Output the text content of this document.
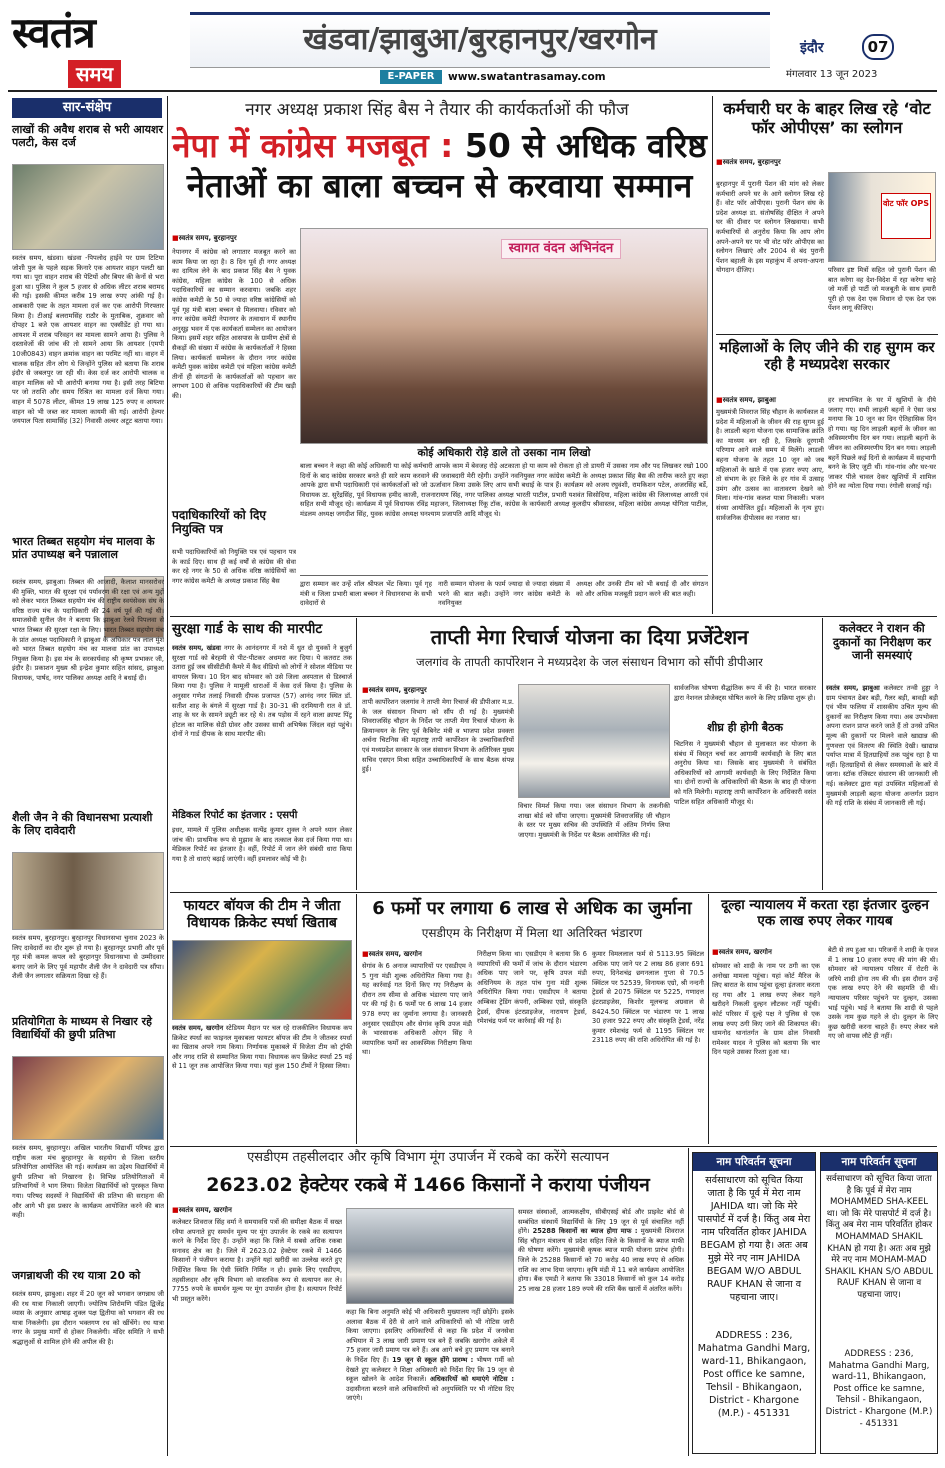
स्वतंत्र
समय
खंडवा/झाबुआ/बुरहानपुर/खरगोन
E-PAPER	www.swatantrasamay.com
इंदौर	07
मंगलवार 13 जून 2023
सार-संक्षेप
लाखों की अवैध शराब से भरी आयशर पलटी, केस दर्ज
स्वतंत्र समय, खंडवा। खंडवा -पिपलोद हाईवे पर ग्राम टिटिया जोशी पुल के पहले सड़क किनारे एक आयशर वाहन पलटी खा गया था। पूरा वाहन शराब की पेटियों और बियर की केनों से भरा हुआ था। पुलिस ने कुल 5 हजार से अधिक लीटर शराब बरामद की गई। इसकी कीमत करीब 19 लाख रुपए आंकी गई है। आबकारी एक्ट के तहत मामला दर्ज कर एक आरोपी गिरफ्तार किया है। टीआई बलरामसिंह राठौर के मुताबिक, शुक्रवार को दोपहर 1 बजे एक आयशर वाहन का एक्सीडेंट हो गया था। आयशर में शराब परिवहन का मामला सामने आया है। पुलिस ने दस्तावेजों की जांच की तो सामने आया कि आयशर (एमपी 10जी0843) वाहन क्रमांक वाहन का परमिट नहीं था। वाहन में चालक सहित तीन लोग थे जिन्होंने पुलिस को बताया कि शराब इंदौर से जबलपुर जा रही थी। केस दर्ज कर आरोपी चालक व वाहन मालिक को भी आरोपी बनाया गया है। इसी तरह बिटिया पर जो तराशि और समय रिश्रित का मामला दर्ज किया गया। वाहन में 5078 लीटर, कीमत 19 लाख 125 रुपए व आयशर वाहन को भी जब्त कर मामला कायमी की गई। आरोपी हेल्पर जयपाल पिता सामासिंह (32) निवासी अल्वर अटूट बताया गया।
भारत तिब्बत सहयोग मंच मालवा के प्रांत उपाध्यक्ष बने पन्नालाल
स्वतंत्र समय, झाबुआ। तिब्बत की आजादी, कैलाश मानसरोवर की मुक्ति, भारत की सुरक्षा एवं पर्यावरण की रक्षा एवं अन्य मुद्दों को लेकर भारत तिब्बत सहयोग मंच की राष्ट्रीय स्वयंसेवक संघ के वरिष्ठ राज्य मंच के पदाधिकारी की 24 वर्ष पूर्व की गई थी। समाजसेवी सुनील जैन ने बताया कि झाबुआ रेलवे पिपलवा से भारत तिब्बत की सुरक्षा रक्षा के लिए। भारत तिब्बत सहयोग मंच के प्रांत अध्यक्ष पदाधिकारी ने झाबुआ के अधिकार पत्र लाल मुंश को भारत तिब्बत सहयोग मंच का मालवा प्रांत का उपाध्यक्ष नियुक्त किया है। इस मंच के सरकार्यवाह श्री कृष्ण प्रभाकर जी, इंदौर है। प्रकाशन मुख्य श्री इन्द्रेश कुमार सहित सांसद, झाबुआ विधायक, पार्षद, नगर पालिका अध्यक्ष आदि ने बधाई दी।
शैली जैन ने की विधानसभा प्रत्याशी के लिए दावेदारी
स्वतंत्र समय, बुरहानपुर। बुरहानपुर विधानसभा चुनाव 2023 के लिए दावेदारों का दौर शुरू हो गया है। बुरहानपुर प्रभारी और पूर्व गृह मंत्री कमल कपल को बुरहानपुर विधानसभा से उम्मीदवार बनाए जाने के लिए पूर्व महापौर शैली जैन ने दावेदारी पत्र सौंपा। शैली जैन लगातार सक्रियता दिखा रहे हैं।
प्रतियोगिता के माध्यम से निखार रहे विद्यार्थियों की छुपी प्रतिभा
स्वतंत्र समय, बुरहानपुर। अखिल भारतीय विद्यार्थी परिषद द्वारा राष्ट्रीय कला मंच बुरहानपुर के सहयोग से जिला स्तरीय प्रतियोगिता आयोजित की गई। कार्यक्रम का उद्देश्य विद्यार्थियों में छुपी प्रतिभा को निखारना है। विभिन्न प्रतियोगिताओं में प्रतिभागियों ने भाग लिया। विजेता विद्यार्थियों को पुरस्कृत किया गया। परिषद सदस्यों ने विद्यार्थियों की प्रतिभा की सराहना की और आगे भी इस प्रकार के कार्यक्रम आयोजित करने की बात कही।
जगन्नाथजी की रथ यात्रा 20 को
स्वतंत्र समय, झाबुआ। शहर में 20 जून को भगवान जगन्नाथ जी की रथ यात्रा निकाली जाएगी। ज्योतिष शिरोमणि पंडित द्विजेंद्र व्यास के अनुसार आषाढ़ शुक्ल पक्ष द्वितीया को भगवान की रथ यात्रा निकलेगी। इस दौरान भक्तगण रथ को खींचेंगे। रथ यात्रा नगर के प्रमुख मार्गों से होकर निकलेगी। मंदिर समिति ने सभी श्रद्धालुओं से शामिल होने की अपील की है।
नगर अध्यक्ष प्रकाश सिंह बैस ने तैयार की कार्यकर्ताओं की फौज
नेपा में कांग्रेस मजबूत : 50 से अधिक वरिष्ठ नेताओं का बाला बच्चन से करवाया सम्मान
■ स्वतंत्र समय, बुरहानपुर
नेपानगर में कांग्रेस को लगातार मजबूत करने का काम किया जा रहा है। 8 दिन पूर्व ही नगर अध्यक्ष का दायित्व लेने के बाद प्रकाश सिंह बैस ने युवक कांग्रेस, महिला कांग्रेस के 100 से अधिक पदाधिकारियों का सम्मान करवाया। जबकि शहर कांग्रेस कमेटी के 50 से ज्यादा वरिष्ठ कांग्रेसियों को पूर्व गृह मंत्री बाला बच्चन से मिलवाया। रविवार को नगर कांग्रेस कमेटी नेपानगर के तत्वाधान में स्थानीय अनुसूइ भवन में एक कार्यकर्ता सम्मेलन का आयोजन किया। इसमें शहर सहित आसपास के ग्रामीण क्षेत्रों से सैकड़ों की संख्या में कांग्रेस के कार्यकर्ताओं ने हिस्सा लिया। कार्यकर्ता सम्मेलन के दौरान नगर कांग्रेस कमेटी युवक कांग्रेस कमेटी एवं महिला कांग्रेस कमेटी तीनों ही संगठनों के कार्यकर्ताओं को पहचान कर लगभग 100 से अधिक पदाधिकारियों की टीम खड़ी की।
पदाधिकारियों को दिए नियुक्ति पत्र
सभी पदाधिकारियों को नियुक्ति पत्र एवं पहचान पत्र के कार्ड दिए। साथ ही कई वर्षों से कांग्रेस की सेवा कर रहे नगर के 50 से अधिक वरिष्ठ कांग्रेसियों का नगर कांग्रेस कमेटी के अध्यक्ष प्रकाश सिंह बैस
स्वागत वंदन अभिनंदन
कोई अधिकारी रोड़े डाले तो उसका नाम लिखो
बाला बच्चन ने कहा की कोई अधिकारी या कोई कर्मचारी आपके काम में बेवजह रोड़े अटकाता हो या काम को रोकता हो तो डायरी में उसका नाम और पद लिखकर रखो 100 दिनों के बाद कांग्रेस सरकार बनते ही सारे काम करवाने की जवाबदारी मेरी रहेगी। उन्होंने नवनियुक्त नगर कांग्रेस कमेटी के अध्यक्ष प्रकाश सिंह बैस की तारीफ करते हुए कहा आपके द्वारा सभी पदाधिकारी एवं कार्यकर्ताओं को जो ऊर्जावान किया उसके लिए आप सभी बधाई के पात्र हैं। कार्यक्रम को अजय रघुवंशी, रामकिशन पटेल, अजरसिंह बर्डे, विधायक ठा. सुरेंद्रसिंह, पूर्व विधायक हमीद काजी, राजनारायण सिंह, नगर पालिका अध्यक्ष भारती पाटील, प्रभारी यशवंत सिसोदिया, महिला कांग्रेस की जिलाध्यक्ष आरती एवं सहित सभी मौजूद रहे। कार्यक्रम में पूर्व विधायक रविंद्र महाजन, जिलाध्यक्ष रिंकू टॉक, कांग्रेस के कार्यकारी अध्यक्ष कुलदीप श्रीवास्तव, महिला कांग्रेस अध्यक्ष योगिता पाटील, मंडलम अध्यक्ष जगदीश सिंह, युवक कांग्रेस अध्यक्ष घनश्याम प्रजापति आदि मौजूद थे।
द्वारा सम्मान कर उन्हें शॉल श्रीफल भेंट किया। पूर्व गृह मंत्री व जिला प्रभारी बाला बच्चन ने विधानसभा के सभी दावेदारों से
नारी सम्मान योजना के फार्म ज्यादा से ज्यादा संख्या में भरने की बात कही। उन्होंने नगर कांग्रेस कमेटी के नवनियुक्त
अध्यक्ष और उनकी टीम को भी बधाई दी और संगठन को और अधिक मजबूती प्रदान करने की बात कही।
कर्मचारी घर के बाहर लिख रहे ‘वोट फॉर ओपीएस’ का स्लोगन
■ स्वतंत्र समय, बुरहानपुर
बुरहानपुर में पुरानी पेंशन की मांग को लेकर कर्मचारी अपने घर के आगे स्लोगन लिख रहे हैं। वोट फॉर ओपीएस। पुरानी पेंशन संघ के प्रदेश अध्यक्ष डा. संतोषसिंह दीक्षित ने अपने घर की दीवार पर स्लोगन लिखवाया। सभी कर्मचारियों से अनुरोध किया कि आप लोग अपने-अपने घर पर भी वोट फॉर ओपीएस का स्लोगन लिखाएं और 2004 से बंद पुरानी पेंशन बहाली के इस महाकुंभ में अपना-अपना योगदान दीजिए।
वोट फॉर OPS
परिवार इष्ट मित्रों सहित जो पुरानी पेंशन की बात करेगा वह देश-विदेश में रहा करेगा चाहे जो मर्जी हो पार्टी जो मजबूती के साथ हमारी पूरी हो एक देश एक विधान दो एक देश एक पेंशन लागू कीजिए।
महिलाओं के लिए जीने की राह सुगम कर रही है मध्यप्रदेश सरकार
■ स्वतंत्र समय, झाबुआ
मुख्यमंत्री शिवराज सिंह चौहान के कार्यकाल में प्रदेश में महिलाओं के जीवन की राह सुगम हुई है। लाडली बहना योजना एक सामाजिक क्रांति का माध्यम बन रही है, जिसके दूरगामी परिणाम आने वाले समय में मिलेंगे। लाडली बहना योजना के तहत 10 जून को जब महिलाओं के खाते में एक हजार रुपए आए, तो संभाग के हर जिले के हर गांव में उत्साह उमंग और उत्सव का वातावरण देखने को मिला। गांव-गांव कलश यात्रा निकाली। भजन संध्या आयोजित हुई। महिलाओं के नृत्य हुए। सार्वजनिक दीपोत्सव का नजारा था।
हर लाभान्वित के घर में खुशियों के दीये जलाए गए। सभी लाड़ली बहनों ने ऐसा जश्न मनाया कि 10 जून का दिन ऐतिहासिक दिन हो गया। यह दिन लाड़ली बहनों के जीवन का अविस्मरणीय दिन बन गया। लाड़ली बहनों के जीवन का अविस्मरणीय दिन बन गया। लाड़ली बहनें पिछले कई दिनों से कार्यक्रम में सहभागी बनने के लिए जुटी थीं। गांव-गांव और घर-घर जाकर पीले चावल देकर खुशियों में शामिल होने का न्योता दिया गया। रंगोली सजाई गई।
सुरक्षा गार्ड के साथ की मारपीट
स्वतंत्र समय, खंडवा नगर के आनंदनगर में नशे में धुत दो युवकों ने बुजुर्ग सुरक्षा गार्ड को बेरहमी से पीट-पीटकर अधमरा कर दिया। ये कतराट तक उतारा हुई जब सीसीटीवी कैमरे में कैद वीडियो को लोगों ने सोशल मीडिया पर वायरल किया। 10 दिन बाद सोमवार को उसे जिला अस्पताल से डिस्चार्ज किया गया है। पुलिस ने मामूली धाराओं में केस दर्ज किया है। पुलिस के अनुसार गणेश तलाई निवासी दीपक प्रजापत (57) आनंद नगर स्थित डॉ. सतीश शाह के बंगले में सुरक्षा गार्ड है। 30-31 की दरमियानी रात वे डॉ. शाह के घर के सामने ड्यूटी कर रहे थे। तब पड़ोस में रहने वाला क्राफ्ट पिंटू होटल का मालिक सेठी ग्रोवर और उसका साथी अभिषेक जिंदल वहां पहुंचे। दोनों ने गार्ड दीपक के साथ मारपीट की।
मेडिकल रिपोर्ट का इंतजार : एसपी
इधर, मामले में पुलिस अधीक्षक सत्येंद्र कुमार शुक्ल ने अपने ध्यान लेकर जांच की। प्राथमिक रूप से मुझाव के बाद तत्काल केस दर्ज किया गया था। मेडिकल रिपोर्ट का इंतजार है। वहीं, रिपोर्ट में जान लेने संबंधी धारा किया गया है तो धाराएं बढ़ाई जाएंगी। वहीं हमलावर कोई भी है।
ताप्ती मेगा रिचार्ज योजना का दिया प्रजेंटेशन
जलगांव के तापती कार्पोरेशन ने मध्यप्रदेश के जल संसाधन विभाग को सौंपी डीपीआर
■ स्वतंत्र समय, बुरहानपुर
तापी कार्पोरेशन जलगांव ने ताप्ती मेगा रिचार्ज की डीपीआर म.प्र. के जल संसाधन विभाग को सौंप दी गई है। मुख्यमंत्री शिवराजसिंह चौहान के निर्देश पर ताप्ती मेगा रिचार्ज योजना के क्रियान्वयन के लिए पूर्व कैबिनेट मंत्री व भाजपा प्रदेश प्रवक्ता अर्चना चिटनिस की महाराष्ट्र तापी कार्पोरेशन के उच्चाधिकारियों एवं मध्यप्रदेश सरकार के जल संसाधन विभाग के अतिरिक्त मुख्य सचिव एसएन मिश्रा सहित उच्चाधिकारियों के साथ बैठक संपन्न हुई।
विचार विमर्श किया गया। जल संसाधन विभाग के तकनीकी शाखा बोर्ड को सौंपा जाएगा। मुख्यमंत्री शिवराजसिंह जी चौहान के स्तर पर मुख्य सचिव की उपस्थिति में अंतिम निर्णय लिया जाएगा। मुख्यमंत्री के निर्देश पर बैठक आयोजित की गई।
सार्वजनिक घोषणा सैद्धांतिक रूप में की है। भारत सरकार द्वारा नेशनल प्रोजेक्ट्स घोषित करने के लिए प्रक्रिया शुरू हो।
शीघ्र ही होगी बैठक
चिटनिस ने मुख्यमंत्री चौहान से मुलाकात कर योजना के संबंध में विस्तृत चर्चा कर आगामी कार्यवाही के लिए बात अनुरोध किया था। जिसके बाद मुख्यमंत्री ने संबंधित अधिकारियों को आगामी कार्यवाही के लिए निर्देशित किया था। दोनों राज्यों के अधिकारियों की बैठक के बाद ही योजना को गति मिलेगी। महाराष्ट्र तापी कार्पोरेशन के अधिकारी वसंत पाटिल सहित अधिकारी मौजूद थे।
कलेक्टर ने राशन की दुकानों का निरीक्षण कर जानी समस्याएं
स्वतंत्र समय, झाबुआ कलेक्टर तन्वी हुड्डा ने ग्राम पंचायत ढेबर बड़ी, गैलर बड़ी, बावड़ी बड़ी एवं भीम फलिया में शासकीय उचित मूल्य की दुकानों का निरीक्षण किया गया। अब उपभोक्ता अपना राशन प्राप्त करने जाते हैं तो उनसे उचित मूल्य की दुकानों पर मिलने वाले खाद्यान्न की गुणवत्ता एवं वितरण की स्थिति देखी। खाद्यान्न पर्याप्त मात्रा में हितग्राहियों तक पहुंच रहा है या नहीं। हितग्राहियों से लेकर समस्याओं के बारे में जाना। स्टॉक रजिस्टर संधारण की जानकारी ली गई। कलेक्टर द्वारा यहां उपस्थित महिलाओं से मुख्यमंत्री लाड़ली बहना योजना अन्तर्गत प्रदान की गई राशि के संबंध में जानकारी ली गई।
फायटर बॉयज की टीम ने जीता विधायक क्रिकेट स्पर्धा खिताब
स्वतंत्र समय, खरगोन स्टेडियम मैदान पर चल रहे राजकीलिन विधायक कप क्रिकेट स्पर्धा का फाइनल मुकाबला फायटर बॉयज की टीम ने जीतकर स्पर्धा का खिताब अपने नाम किया। निर्णायक मुकाबले में विजेता टीम को ट्रॉफी और नगद राशि से सम्मानित किया गया। विधायक कप क्रिकेट स्पर्धा 25 मई से 11 जून तक आयोजित किया गया। यहां कुल 150 टीमों ने हिस्सा लिया।
6 फर्मो पर लगाया 6 लाख से अधिक का जुर्माना
एसडीएम के निरीक्षण में मिला था अतिरिक्त भंडारण
■ स्वतंत्र समय, खरगोन
सेगांव के 6 अनाज व्यापारियों पर एसडीएम ने 5 गुना मंडी शुल्क अधिरोपित किया गया है। यह कार्रवाई गत दिनों किए गए निरीक्षण के दौरान तय सीमा से अधिक भंडारण पाए जाने पर की गई है। 6 फर्मों पर 6 लाख 14 हजार 978 रुपए का जुर्माना लगाया है। जानकारी अनुसार एसडीएम और सेगांव कृषि उपज मंडी के भारसाधक अधिकारी ओएन सिंह ने व्यापारिक फर्मों का आकस्मिक निरीक्षण किया था।
निरीक्षण किया था। एसडीएम ने बताया कि 6 व्यापारियों की फर्मों में जांच के दौरान भंडारण अधिक पाए जाने पर, कृषि उपज मंडी अधिनियम के तहत पांच गुना मंडी शुल्क अधिरोपित किया गया। एसडीएम ने बताया अम्बिका ट्रेडिंग कंपनी, अम्बिका एग्रो, संस्कृति ट्रेडर्स, दीपक इंटरप्राइजेज, नारायण ट्रेडर्स, रमेशचंद्र फर्म पर कार्रवाई की गई है।
कुमार विमललाल फर्म से 5113.95 क्विंटल अधिक पाए जाने पर 2 लाख 86 हजार 691 रुपए, दिनेशचंद्र छगनलाल गुप्ता से 70.5 क्विंटल पर 52539, विनायक एग्रो, श्री नन्दनी ट्रेडर्स से 2075 क्विंटल पर 5225, गणादत्त इंटरप्राइजेस, किशोर मूलचन्द्र अग्रवाल से 8424.50 क्विंटल पर भंडारण पर 1 लाख 30 हजार 922 रुपए और संस्कृति ट्रेडर्स, नरेंद्र कुमार रमेशचंद्र फर्म से 1195 क्विंटल पर 23118 रुपए की राशि अधिरोपित की गई है।
दूल्हा न्यायालय में करता रहा इंतजार दुल्हन एक लाख रुपए लेकर गायब
■ स्वतंत्र समय, खरगोन
सोमवार को शादी के नाम पर ठगी का एक अनोखा मामला पहुंचा। यहां कोर्ट मैरिज के लिए बारात के साथ पहुंचा दूल्हा इंतजार करता रह गया और 1 लाख रुपए लेकर गहने खरीदने निकली दुल्हन लौटकर नहीं पहुंची। कोर्ट परिसर में दूल्हे पक्ष ने पुलिस से एक लाख रुपए ठगी किए जाने की शिकायत की। धामनोद थानांतर्गत के ग्राम ढोल निवासी रामेश्वर यादव ने पुलिस को बताया कि चार दिन पहले उसका रिश्ता हुआ था।
बेटी से तय हुआ था। परिजनों ने शादी के एवज में 1 लाख 10 हजार रुपए की मांग की थी। सोमवार को न्यायालय परिसर में रोटरी के जरिये शादी होना तय की थी। इस दौरान उन्हें एक लाख रुपए देने की सहमति दी थी। न्यायालय परिसर पहुंचने पर दुल्हन, उसका भाई पहुंचे। भाई ने बताया कि शादी से पहले उसके नाम कुछ गहने ले दो। दुल्हन के लिए कुछ खरीदी करना चाहते हैं। रुपए लेकर चले गए जो वापस लौटे ही नहीं।
एसडीएम तहसीलदार और कृषि विभाग मूंग उपार्जन में रकबे का करेंगे सत्यापन
2623.02 हेक्टेयर रकबे में 1466 किसानों ने कराया पंजीयन
■ स्वतंत्र समय, खरगोन
कलेक्टर शिवराज सिंह वर्मा ने समयावधि पत्रों की समीक्षा बैठक में सख्त रवैया अपनाते हुए समर्थन मूल्य पर मूंग उपार्जन के रकबे का सत्यापन करने के निर्देश दिए हैं। उन्होंने कहा कि जिले में सबसे अधिक रकबा सनावद क्षेत्र का है। जिले में 2623.02 हेक्टेयर रकबे में 1466 किसानों ने पंजीयन कराया है। उन्होंने यहां खरीदी का उल्लेख करते हुए निर्देशित किया कि ऐसी स्थिति निर्मित न हो। इसके लिए एसडीएम, तहसीलदार और कृषि विभाग को वास्तविक रूप से सत्यापन कर ले। 7755 रुपये के समर्थन मूल्य पर मूंग उपार्जन होना है। सत्यापन रिपोर्ट भी प्रस्तुत करेंगे।
कहा कि बिना अनुमति कोई भी अधिकारी मुख्यालय नहीं छोड़ेंगे। इसके अलावा बैठक में देरी से आने वाले अधिकारियों को भी नोटिस जारी किया जाएगा। इसलिए अधिकारियों से कहा कि प्रदेश में जनसेवा अभियान में 3 लाख जारी प्रमाण पत्र बने हैं जबकि खरगोन अकेले में 75 हजार जारी प्रमाण पत्र बने हैं। अब आगे बचे हुए प्रमाण पत्र बनाने के निर्देश दिए हैं। 19 जून से स्कूल होंगे प्रारम्भ : भीषण गर्मी को देखते हुए कलेक्टर ने शिक्षा अधिकारी को निर्देश दिए कि 19 जून से स्कूल खोलने के आदेश निकालें। अधिकारियों को थमाएंगे नोटिस : उदासीनता बरतने वाले अधिकारियों को अनुपस्थिति पर भी नोटिस दिए जाएंगे।
समस्त संस्थाओं, आत्मकक्षीय, सीबीएसई बोर्ड और प्राइवेट बोर्ड से सम्बंधित संस्थायें विद्यार्थियों के लिए 19 जून से पूर्व संचालित नहीं होंगे। 25288 किसानों का ब्याज होगा माफ : मुख्यमंत्री शिवराज सिंह चौहान मंत्रालय से प्रदेश सहित जिले के किसानों के ब्याज माफी की घोषणा करेंगे। मुख्यमंत्री कृषक ब्याज माफी योजना प्रारंभ होगी। जिले के 25288 किसानों को 70 करोड़ 40 लाख रुपए से अधिक राशि का लाभ दिया जाएगा। कृषि मंडी में 11 बजे कार्यक्रम आयोजित होगा। बैंक एमडी ने बताया कि 33018 किसानों को कुल 14 करोड़ 25 लाख 28 हजार 189 रुपये की राशि बैंक खातों में अंतरित करेंगे।
नाम परिवर्तन सूचना
सर्वसाधारण को सूचित किया जाता है कि पूर्व में मेरा नाम JAHIDA था। जो कि मेरे पासपोर्ट में दर्ज है। किंतु अब मेरा नाम परिवर्तित होकर JAHIDA BEGAM हो गया है। अतः अब मुझे मेरे नए नाम JAHIDA BEGAM W/O ABDUL RAUF KHAN से जाना व पहचाना जाए।
ADDRESS : 236, Mahatma Gandhi Marg, ward-11, Bhikangaon, Post office ke samne, Tehsil - Bhikangaon, District - Khargone (M.P.) - 451331
नाम परिवर्तन सूचना
सर्वसाधारण को सूचित किया जाता है कि पूर्व में मेरा नाम MOHAMMED SHA-KEEL था। जो कि मेरे पासपोर्ट में दर्ज है। किंतु अब मेरा नाम परिवर्तित होकर MOHAMMAD SHAKIL KHAN हो गया है। अतः अब मुझे मेरे नए नाम MOHAM-MAD SHAKIL KHAN S/O ABDUL RAUF KHAN से जाना व पहचाना जाए।
ADDRESS : 236, Mahatma Gandhi Marg, ward-11, Bhikangaon, Post office ke samne, Tehsil - Bhikangaon, District - Khargone (M.P.) - 451331
